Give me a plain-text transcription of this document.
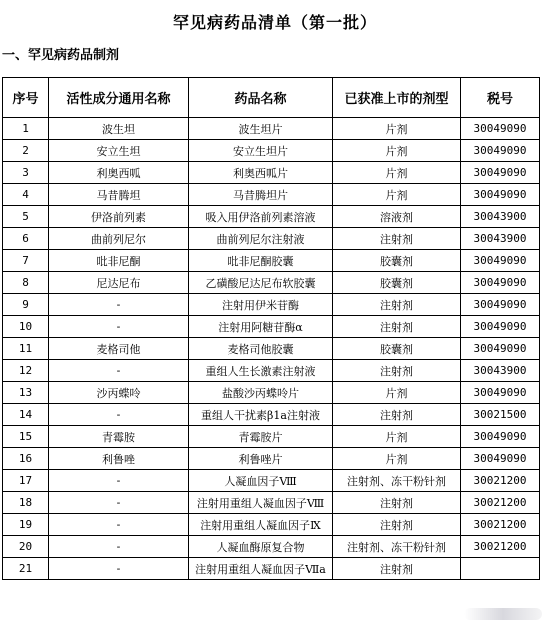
罕见病药品清单（第一批）
一、罕见病药品制剂
序号	活性成分通用名称	药品名称	已获准上市的剂型	税号
1	波生坦	波生坦片	片剂	30049090
2	安立生坦	安立生坦片	片剂	30049090
3	利奥西呱	利奥西呱片	片剂	30049090
4	马昔腾坦	马昔腾坦片	片剂	30049090
5	伊洛前列素	吸入用伊洛前列素溶液	溶液剂	30043900
6	曲前列尼尔	曲前列尼尔注射液	注射剂	30043900
7	吡非尼酮	吡非尼酮胶囊	胶囊剂	30049090
8	尼达尼布	乙磺酸尼达尼布软胶囊	胶囊剂	30049090
9	-	注射用伊米苷酶	注射剂	30049090
10	-	注射用阿糖苷酶α	注射剂	30049090
11	麦格司他	麦格司他胶囊	胶囊剂	30049090
12	-	重组人生长激素注射液	注射剂	30043900
13	沙丙蝶呤	盐酸沙丙蝶呤片	片剂	30049090
14	-	重组人干扰素β1a注射液	注射剂	30021500
15	青霉胺	青霉胺片	片剂	30049090
16	利鲁唑	利鲁唑片	片剂	30049090
17	-	人凝血因子Ⅷ	注射剂、冻干粉针剂	30021200
18	-	注射用重组人凝血因子Ⅷ	注射剂	30021200
19	-	注射用重组人凝血因子Ⅸ	注射剂	30021200
20	-	人凝血酶原复合物	注射剂、冻干粉针剂	30021200
21	-	注射用重组人凝血因子Ⅶa	注射剂	
